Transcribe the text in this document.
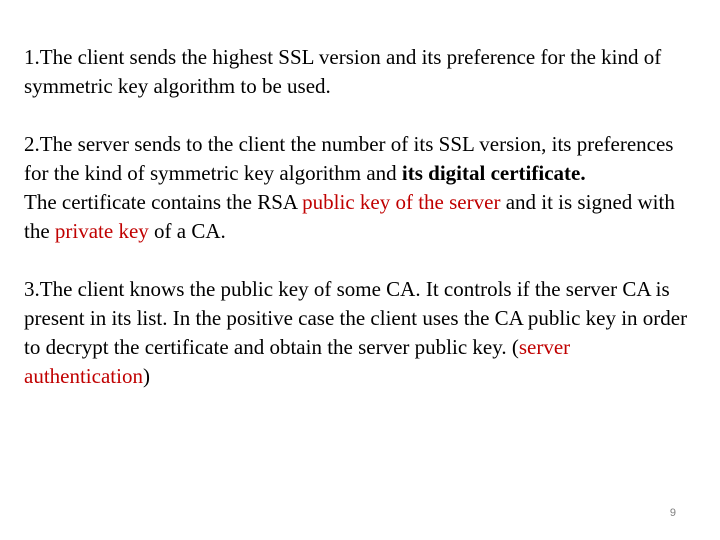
1.The client sends the highest SSL version and its preference for the kind of symmetric key algorithm to be used.

2.The server sends to the client the number of its SSL version, its preferences for the kind of symmetric key algorithm and its digital certificate.
The certificate contains the RSA public key of the server and it is signed with the private key of a CA.

3.The client knows the public key of some CA. It controls if the server CA is present in its list. In the positive case the client uses the CA public key in order to decrypt the certificate and obtain the server public key. (server authentication)

9
